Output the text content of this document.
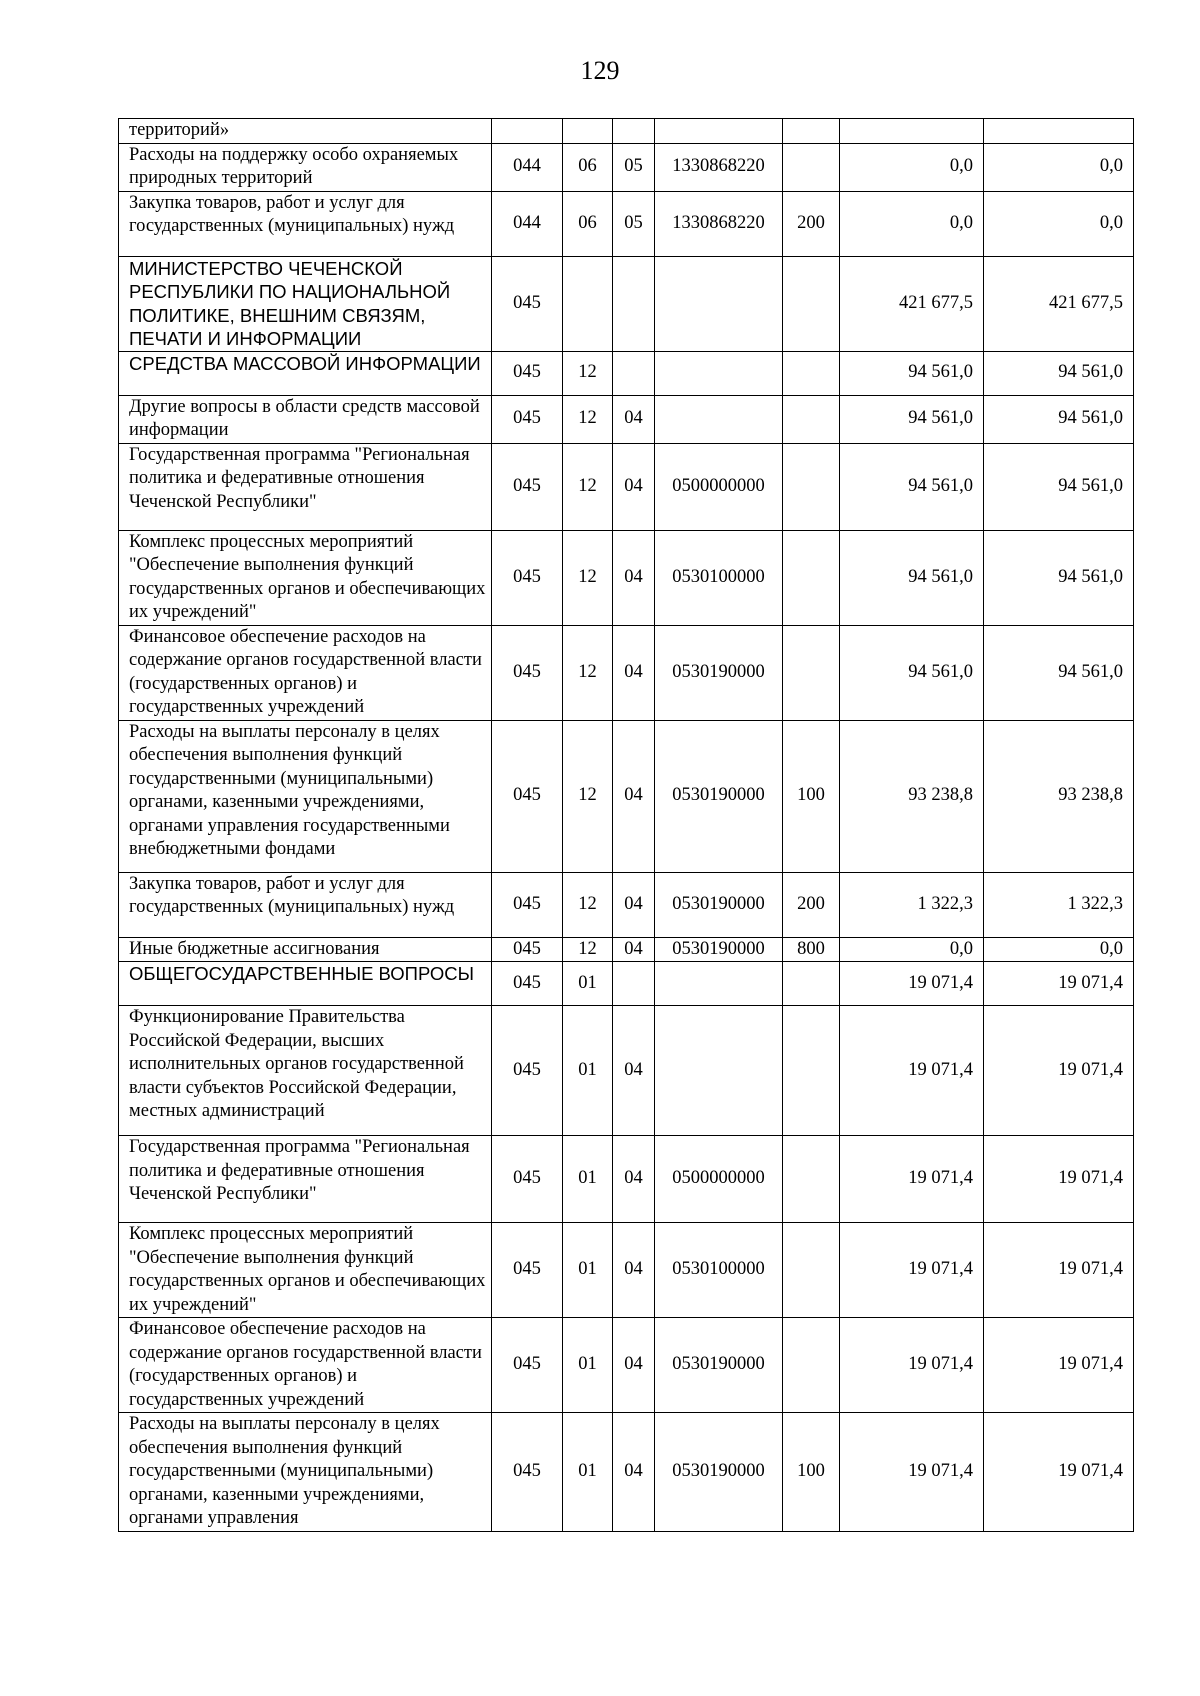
129
территорий»							
Расходы на поддержку особо охраняемых природных территорий	044	06	05	1330868220		0,0	0,0
Закупка товаров, работ и услуг для государственных (муниципальных) нужд	044	06	05	1330868220	200	0,0	0,0
МИНИСТЕРСТВО ЧЕЧЕНСКОЙ РЕСПУБЛИКИ ПО НАЦИОНАЛЬНОЙ ПОЛИТИКЕ, ВНЕШНИМ СВЯЗЯМ, ПЕЧАТИ И ИНФОРМАЦИИ	045					421 677,5	421 677,5
СРЕДСТВА МАССОВОЙ ИНФОРМАЦИИ	045	12				94 561,0	94 561,0
Другие вопросы в области средств массовой информации	045	12	04			94 561,0	94 561,0
Государственная программа "Региональная политика и федеративные отношения Чеченской Республики"	045	12	04	0500000000		94 561,0	94 561,0
Комплекс процессных мероприятий "Обеспечение выполнения функций государственных органов и обеспечивающих их учреждений"	045	12	04	0530100000		94 561,0	94 561,0
Финансовое обеспечение расходов на содержание органов государственной власти (государственных органов) и государственных учреждений	045	12	04	0530190000		94 561,0	94 561,0
Расходы на выплаты персоналу в целях обеспечения выполнения функций государственными (муниципальными) органами, казенными учреждениями, органами управления государственными внебюджетными фондами	045	12	04	0530190000	100	93 238,8	93 238,8
Закупка товаров, работ и услуг для государственных (муниципальных) нужд	045	12	04	0530190000	200	1 322,3	1 322,3
Иные бюджетные ассигнования	045	12	04	0530190000	800	0,0	0,0
ОБЩЕГОСУДАРСТВЕННЫЕ ВОПРОСЫ	045	01				19 071,4	19 071,4
Функционирование Правительства Российской Федерации, высших исполнительных органов государственной власти субъектов Российской Федерации, местных администраций	045	01	04			19 071,4	19 071,4
Государственная программа "Региональная политика и федеративные отношения Чеченской Республики"	045	01	04	0500000000		19 071,4	19 071,4
Комплекс процессных мероприятий "Обеспечение выполнения функций государственных органов и обеспечивающих их учреждений"	045	01	04	0530100000		19 071,4	19 071,4
Финансовое обеспечение расходов на содержание органов государственной власти (государственных органов) и государственных учреждений	045	01	04	0530190000		19 071,4	19 071,4
Расходы на выплаты персоналу в целях обеспечения выполнения функций государственными (муниципальными) органами, казенными учреждениями, органами управления	045	01	04	0530190000	100	19 071,4	19 071,4
